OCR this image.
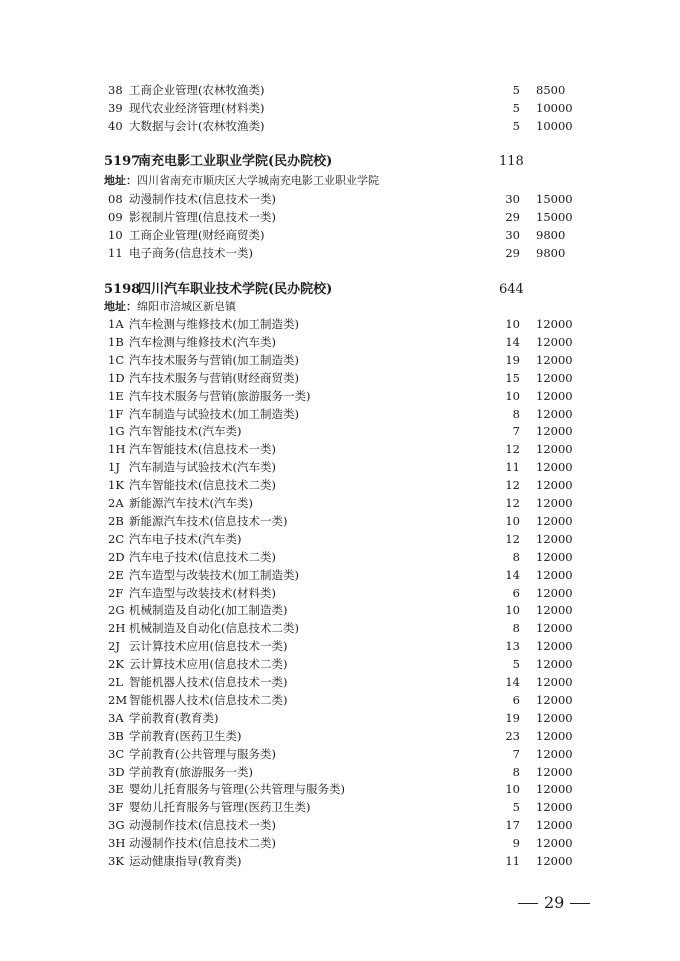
38 工商企业管理(农林牧渔类)	5 8500
39 现代农业经济管理(材料类)	5 10000
40 大数据与会计(农林牧渔类)	5 10000
5197
南充电影工业职业学院(民办院校)	118
地址：四川省南充市顺庆区大学城南充电影工业职业学院
08 动漫制作技术(信息技术一类)	30 15000
09 影视制片管理(信息技术一类)	29 15000
10 工商企业管理(财经商贸类)	30 9800
11 电子商务(信息技术一类)	29 9800
5198
四川汽车职业技术学院(民办院校)	644
地址：绵阳市涪城区新皂镇
1A 汽车检测与维修技术(加工制造类)	10 12000
1B 汽车检测与维修技术(汽车类)	14 12000
1C 汽车技术服务与营销(加工制造类)	19 12000
1D 汽车技术服务与营销(财经商贸类)	15 12000
1E 汽车技术服务与营销(旅游服务一类)	10 12000
1F 汽车制造与试验技术(加工制造类)	8 12000
1G 汽车智能技术(汽车类)	7 12000
1H 汽车智能技术(信息技术一类)	12 12000
1J 汽车制造与试验技术(汽车类)	11 12000
1K 汽车智能技术(信息技术二类)	12 12000
2A 新能源汽车技术(汽车类)	12 12000
2B 新能源汽车技术(信息技术一类)	10 12000
2C 汽车电子技术(汽车类)	12 12000
2D 汽车电子技术(信息技术二类)	8 12000
2E 汽车造型与改装技术(加工制造类)	14 12000
2F 汽车造型与改装技术(材料类)	6 12000
2G 机械制造及自动化(加工制造类)	10 12000
2H 机械制造及自动化(信息技术二类)	8 12000
2J 云计算技术应用(信息技术一类)	13 12000
2K 云计算技术应用(信息技术二类)	5 12000
2L 智能机器人技术(信息技术一类)	14 12000
2M 智能机器人技术(信息技术二类)	6 12000
3A 学前教育(教育类)	19 12000
3B 学前教育(医药卫生类)	23 12000
3C 学前教育(公共管理与服务类)	7 12000
3D 学前教育(旅游服务一类)	8 12000
3E 婴幼儿托育服务与管理(公共管理与服务类)	10 12000
3F 婴幼儿托育服务与管理(医药卫生类)	5 12000
3G 动漫制作技术(信息技术一类)	17 12000
3H 动漫制作技术(信息技术二类)	9 12000
3K 运动健康指导(教育类)	11 12000
29
